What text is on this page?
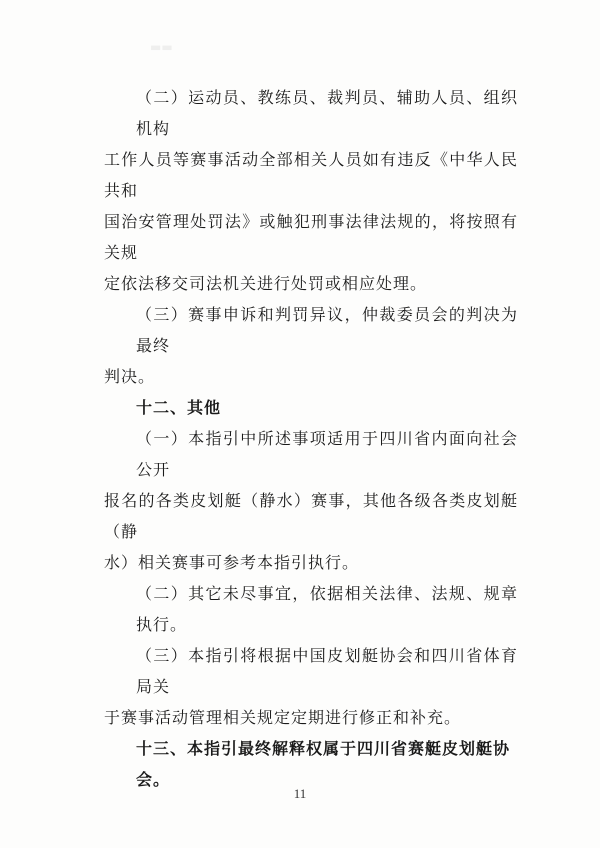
▬▬
（二）运动员、教练员、裁判员、辅助人员、组织机构
工作人员等赛事活动全部相关人员如有违反《中华人民共和
国治安管理处罚法》或触犯刑事法律法规的，将按照有关规
定依法移交司法机关进行处罚或相应处理。
（三）赛事申诉和判罚异议，仲裁委员会的判决为最终
判决。
十二、其他
（一）本指引中所述事项适用于四川省内面向社会公开
报名的各类皮划艇（静水）赛事，其他各级各类皮划艇（静
水）相关赛事可参考本指引执行。
（二）其它未尽事宜，依据相关法律、法规、规章执行。
（三）本指引将根据中国皮划艇协会和四川省体育局关
于赛事活动管理相关规定定期进行修正和补充。
十三、本指引最终解释权属于四川省赛艇皮划艇协会。
11
